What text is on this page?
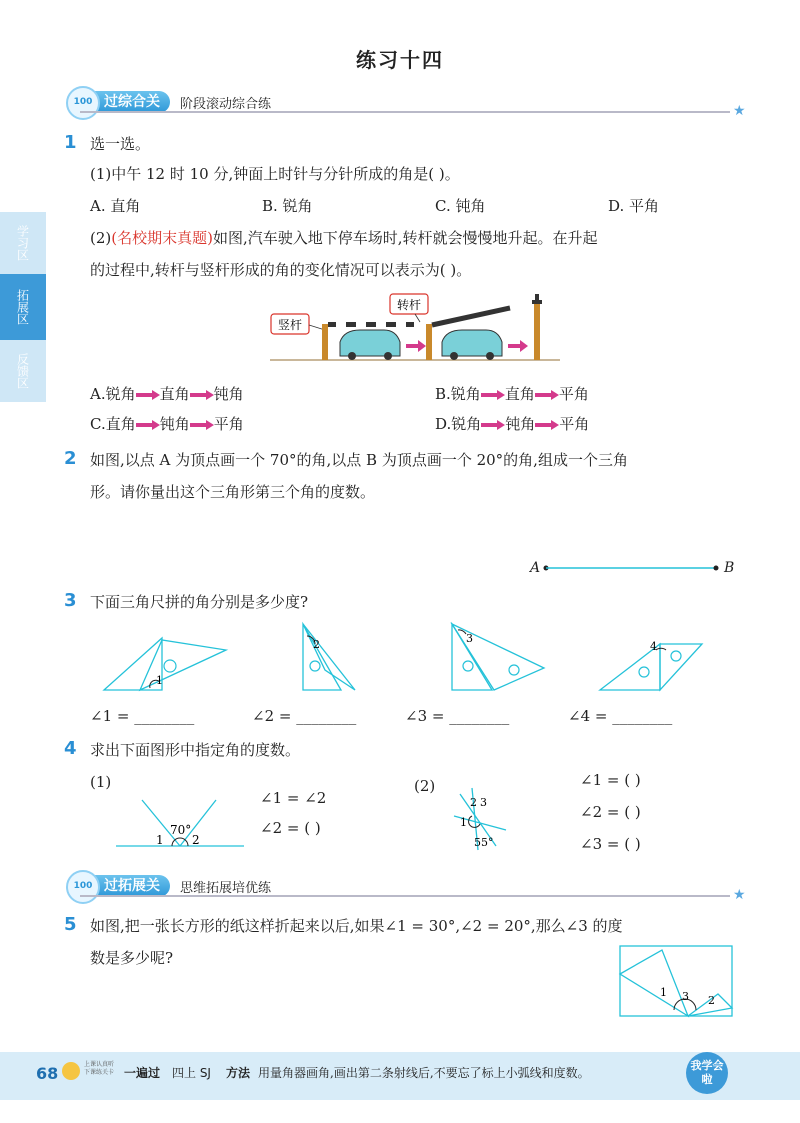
练习十四
学习区
拓展区
反馈区
100 过综合关	阶段滚动综合练	★
1 选一选。
(1)中午 12 时 10 分,钟面上时针与分针所成的角是( )。
A. 直角	B. 锐角	C. 钝角	D. 平角
(2)(名校期末真题)如图,汽车驶入地下停车场时,转杆就会慢慢地升起。在升起
的过程中,转杆与竖杆形成的角的变化情况可以表示为( )。
竖杆
转杆
A.锐角 直角 钝角	B.锐角 直角 平角
C.直角 钝角 平角	D.锐角 钝角 平角
2 如图,以点 A 为顶点画一个 70°的角,以点 B 为顶点画一个 20°的角,组成一个三角
形。请你量出这个三角形第三个角的度数。
A	B
3 下面三角尺拼的角分别是多少度?
1
2	3
4
∠1 = ________	∠2 = ________	∠3 = ________	∠4 = ________
4 求出下面图形中指定角的度数。
(1)
70°
1 2
∠1 = ∠2
∠2 = ( )
(2)
2 3
1
55°
∠1 = ( )
∠2 = ( )
∠3 = ( )
100 过拓展关	思维拓展培优练	★
5 如图,把一张长方形的纸这样折起来以后,如果∠1 = 30°,∠2 = 20°,那么∠3 的度
数是多少呢?
1 3 2
68	上课认真听
下课练关卡 一遍过 四上 SJ 方法 用量角器画角,画出第二条射线后,不要忘了标上小弧线和度数。
我学会啦
